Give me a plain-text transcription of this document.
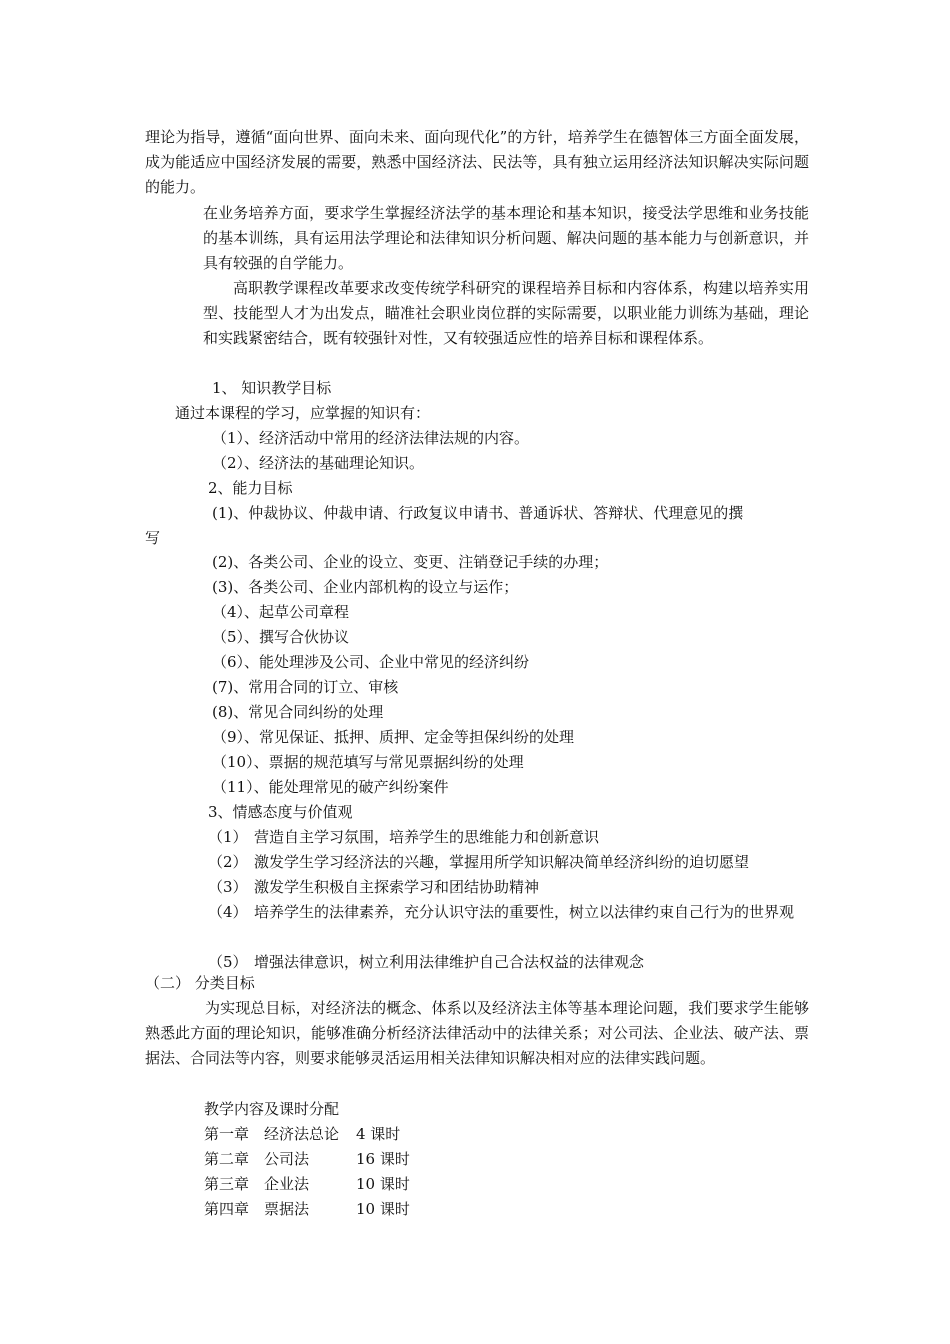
理论为指导，遵循“面向世界、面向未来、面向现代化”的方针，培养学生在德智体三方面全面发展，成为能适应中国经济发展的需要，熟悉中国经济法、民法等，具有独立运用经济法知识解决实际问题的能力。

在业务培养方面，要求学生掌握经济法学的基本理论和基本知识，接受法学思维和业务技能的基本训练，具有运用法学理论和法律知识分析问题、解决问题的基本能力与创新意识，并具有较强的自学能力。

高职教学课程改革要求改变传统学科研究的课程培养目标和内容体系，构建以培养实用型、技能型人才为出发点，瞄准社会职业岗位群的实际需要，以职业能力训练为基础，理论和实践紧密结合，既有较强针对性，又有较强适应性的培养目标和课程体系。

1、 知识教学目标
通过本课程的学习，应掌握的知识有：
（1）、经济活动中常用的经济法律法规的内容。
（2）、经济法的基础理论知识。
2、能力目标
(1)、仲裁协议、仲裁申请、行政复议申请书、普通诉状、答辩状、代理意见的撰
写
(2)、各类公司、企业的设立、变更、注销登记手续的办理；
(3)、各类公司、企业内部机构的设立与运作；
（4）、起草公司章程
（5）、撰写合伙协议
（6）、能处理涉及公司、企业中常见的经济纠纷
(7)、常用合同的订立、审核
(8)、常见合同纠纷的处理
（9）、常见保证、抵押、质押、定金等担保纠纷的处理
（10）、票据的规范填写与常见票据纠纷的处理
（11）、能处理常见的破产纠纷案件
3、情感态度与价值观
（1） 营造自主学习氛围，培养学生的思维能力和创新意识
（2） 激发学生学习经济法的兴趣，掌握用所学知识解决简单经济纠纷的迫切愿望
（3） 激发学生积极自主探索学习和团结协助精神
（4） 培养学生的法律素养，充分认识守法的重要性，树立以法律约束自己行为的世界观
（5） 增强法律意识，树立利用法律维护自己合法权益的法律观念
（二） 分类目标

为实现总目标，对经济法的概念、体系以及经济法主体等基本理论问题，我们要求学生能够熟悉此方面的理论知识，能够准确分析经济法律活动中的法律关系；对公司法、企业法、破产法、票据法、合同法等内容，则要求能够灵活运用相关法律知识解决相对应的法律实践问题。

教学内容及课时分配
第一章 经济法总论 4 课时
第二章 公司法	16 课时
第三章 企业法	10 课时
第四章 票据法	10 课时
